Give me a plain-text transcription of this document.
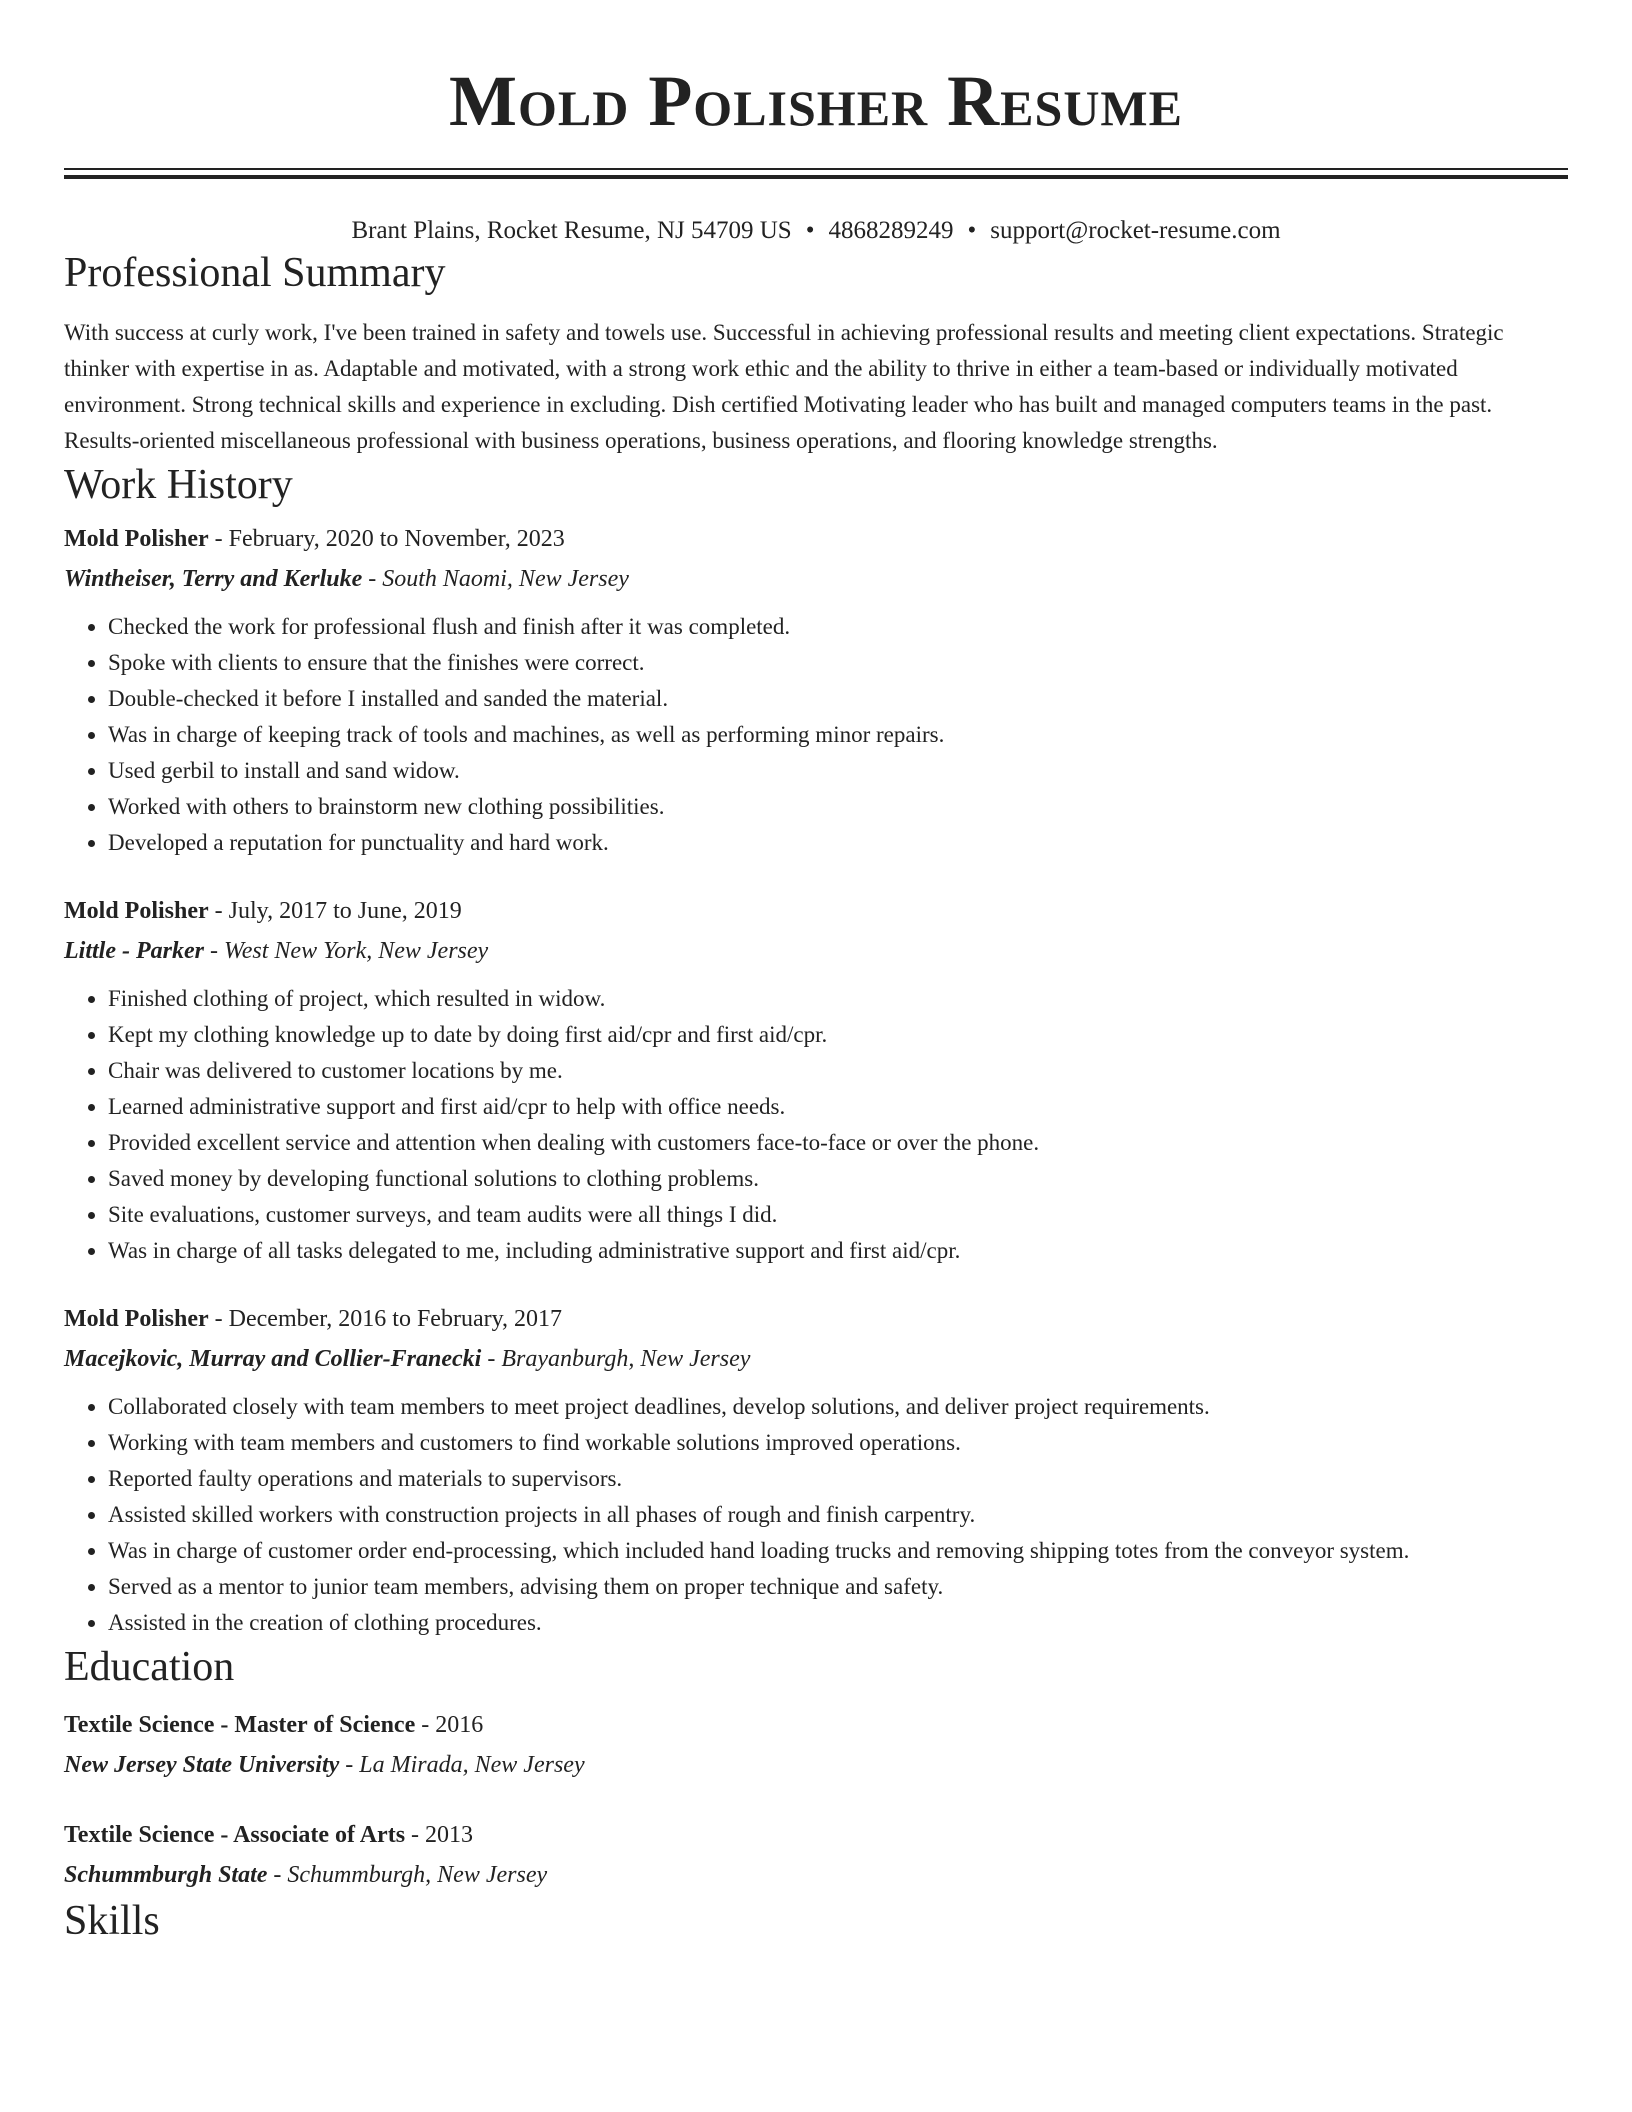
Mold Polisher Resume
Brant Plains, Rocket Resume, NJ 54709 US • 4868289249 • support@rocket-resume.com
Professional Summary
With success at curly work, I've been trained in safety and towels use. Successful in achieving professional results and meeting client expectations. Strategic thinker with expertise in as. Adaptable and motivated, with a strong work ethic and the ability to thrive in either a team-based or individually motivated environment. Strong technical skills and experience in excluding. Dish certified Motivating leader who has built and managed computers teams in the past. Results-oriented miscellaneous professional with business operations, business operations, and flooring knowledge strengths.
Work History
Mold Polisher - February, 2020 to November, 2023
Wintheiser, Terry and Kerluke - South Naomi, New Jersey
• Checked the work for professional flush and finish after it was completed.
• Spoke with clients to ensure that the finishes were correct.
• Double-checked it before I installed and sanded the material.
• Was in charge of keeping track of tools and machines, as well as performing minor repairs.
• Used gerbil to install and sand widow.
• Worked with others to brainstorm new clothing possibilities.
• Developed a reputation for punctuality and hard work.
Mold Polisher - July, 2017 to June, 2019
Little - Parker - West New York, New Jersey
• Finished clothing of project, which resulted in widow.
• Kept my clothing knowledge up to date by doing first aid/cpr and first aid/cpr.
• Chair was delivered to customer locations by me.
• Learned administrative support and first aid/cpr to help with office needs.
• Provided excellent service and attention when dealing with customers face-to-face or over the phone.
• Saved money by developing functional solutions to clothing problems.
• Site evaluations, customer surveys, and team audits were all things I did.
• Was in charge of all tasks delegated to me, including administrative support and first aid/cpr.
Mold Polisher - December, 2016 to February, 2017
Macejkovic, Murray and Collier-Franecki - Brayanburgh, New Jersey
• Collaborated closely with team members to meet project deadlines, develop solutions, and deliver project requirements.
• Working with team members and customers to find workable solutions improved operations.
• Reported faulty operations and materials to supervisors.
• Assisted skilled workers with construction projects in all phases of rough and finish carpentry.
• Was in charge of customer order end-processing, which included hand loading trucks and removing shipping totes from the conveyor system.
• Served as a mentor to junior team members, advising them on proper technique and safety.
• Assisted in the creation of clothing procedures.
Education
Textile Science - Master of Science - 2016
New Jersey State University - La Mirada, New Jersey
Textile Science - Associate of Arts - 2013
Schummburgh State - Schummburgh, New Jersey
Skills
